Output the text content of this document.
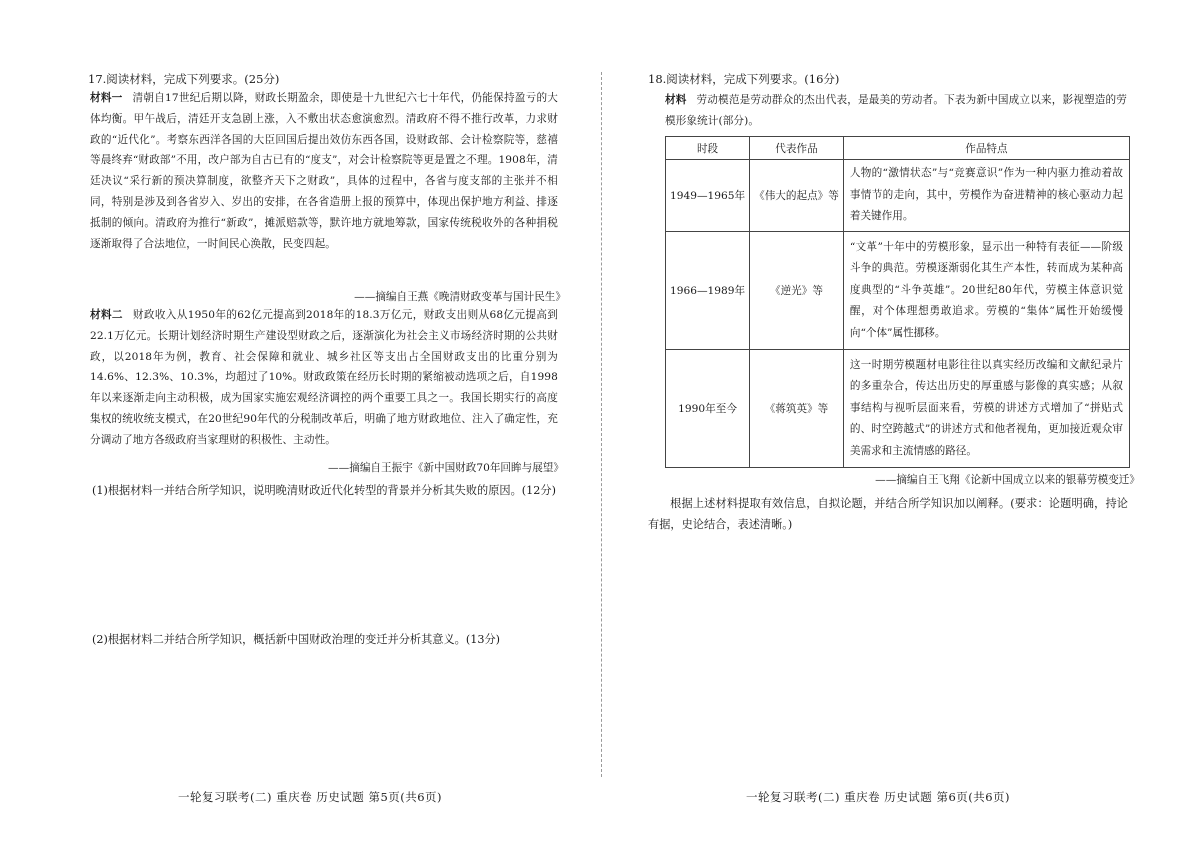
17.阅读材料，完成下列要求。(25分)
材料一 清朝自17世纪后期以降，财政长期盈余，即使是十九世纪六七十年代，仍能保持盈亏的大体均衡。甲午战后，清廷开支急剧上涨，入不敷出状态愈演愈烈。清政府不得不推行改革，力求财政的“近代化”。考察东西洋各国的大臣回国后提出效仿东西各国，设财政部、会计检察院等，慈禧等晨终弃“财政部”不用，改户部为自古已有的“度支”，对会计检察院等更是置之不理。1908年，清廷决议“采行新的预决算制度，欲整齐天下之财政”，具体的过程中，各省与度支部的主张并不相同，特别是涉及到各省岁入、岁出的安排，在各省造册上报的预算中，体现出保护地方利益、排逐抵制的倾向。清政府为推行“新政”，摊派赔款等，默许地方就地筹款，国家传统税收外的各种捐税逐渐取得了合法地位，一时间民心涣散，民变四起。
——摘编自王燕《晚清财政变革与国计民生》
材料二 财政收入从1950年的62亿元提高到2018年的18.3万亿元，财政支出则从68亿元提高到22.1万亿元。长期计划经济时期生产建设型财政之后，逐渐演化为社会主义市场经济时期的公共财政，以2018年为例，教育、社会保障和就业、城乡社区等支出占全国财政支出的比重分别为14.6%、12.3%、10.3%，均超过了10%。财政政策在经历长时期的紧缩被动选项之后，自1998年以来逐渐走向主动积极，成为国家实施宏观经济调控的两个重要工具之一。我国长期实行的高度集权的统收统支模式，在20世纪90年代的分税制改革后，明确了地方财政地位、注入了确定性，充分调动了地方各级政府当家理财的积极性、主动性。
——摘编自王振宇《新中国财政70年回眸与展望》
(1)根据材料一并结合所学知识，说明晚清财政近代化转型的背景并分析其失败的原因。(12分)
(2)根据材料二并结合所学知识，概括新中国财政治理的变迁并分析其意义。(13分)
一轮复习联考(二) 重庆卷 历史试题 第5页(共6页)
18.阅读材料，完成下列要求。(16分)
材料 劳动模范是劳动群众的杰出代表，是最美的劳动者。下表为新中国成立以来，影视塑造的劳模形象统计(部分)。
时段	代表作品	作品特点
1949—1965年	《伟大的起点》等	人物的“激情状态”与“竞赛意识”作为一种内驱力推动着故事情节的走向，其中，劳模作为奋进精神的核心驱动力起着关键作用。
1966—1989年	《逆光》等	“文革”十年中的劳模形象，显示出一种特有表征——阶级斗争的典范。劳模逐渐弱化其生产本性，转而成为某种高度典型的“斗争英雄”。20世纪80年代，劳模主体意识觉醒，对个体理想勇敢追求。劳模的“集体”属性开始缓慢向“个体”属性挪移。
1990年至今	《蒋筑英》等	这一时期劳模题材电影往往以真实经历改编和文献纪录片的多重杂合，传达出历史的厚重感与影像的真实感；从叙事结构与视听层面来看，劳模的讲述方式增加了“拼贴式的、时空跨越式”的讲述方式和他者视角，更加接近观众审美需求和主流情感的路径。
——摘编自王飞翔《论新中国成立以来的银幕劳模变迁》
根据上述材料提取有效信息，自拟论题，并结合所学知识加以阐释。(要求：论题明确，持论有据，史论结合，表述清晰。)
一轮复习联考(二) 重庆卷 历史试题 第6页(共6页)
